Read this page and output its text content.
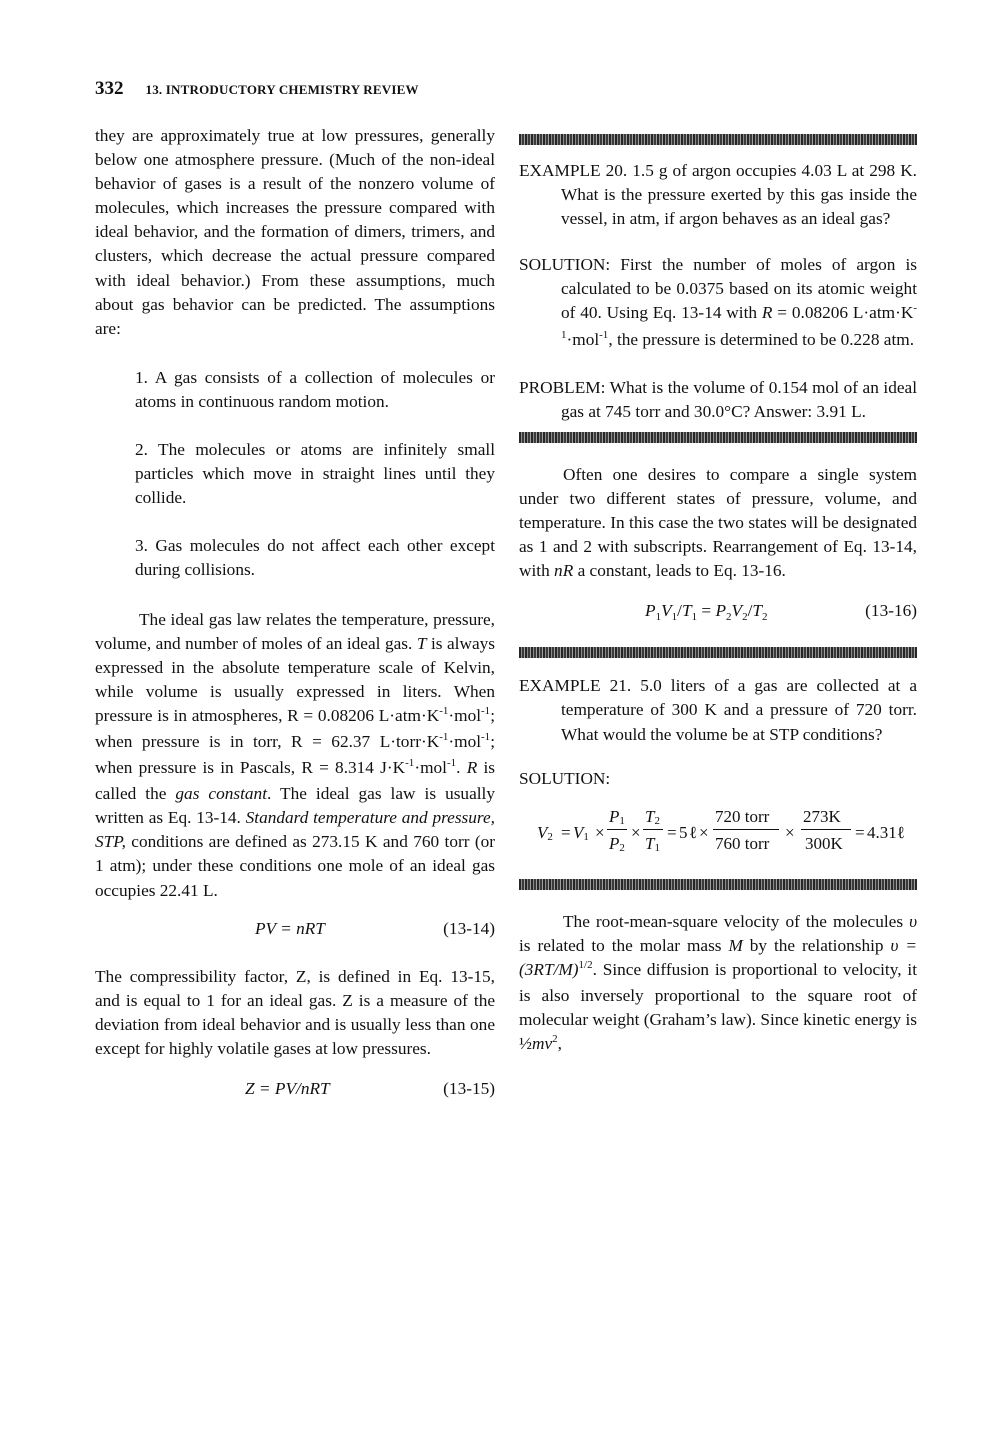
332 13. INTRODUCTORY CHEMISTRY REVIEW

they are approximately true at low pressures, generally below one atmosphere pressure. (Much of the non-ideal behavior of gases is a result of the nonzero volume of molecules, which increases the pressure compared with ideal behavior, and the formation of dimers, trimers, and clusters, which decrease the actual pressure compared with ideal behavior.) From these assumptions, much about gas behavior can be predicted. The assumptions are:

1. A gas consists of a collection of molecules or atoms in continuous random motion.

2. The molecules or atoms are infinitely small particles which move in straight lines until they collide.

3. Gas molecules do not affect each other except during collisions.

The ideal gas law relates the temperature, pressure, volume, and number of moles of an ideal gas. T is always expressed in the absolute temperature scale of Kelvin, while volume is usually expressed in liters. When pressure is in atmospheres, R = 0.08206 $L\cdot atm\cdot K^{-1}\cdot mol^{-1}$; when pressure is in torr, R = 62.37 $L\cdot torr\cdot K^{-1}\cdot mol^{-1}$; when pressure is in Pascals, R = 8.314 $J\cdot K^{-1}\cdot mol^{-1}$. R is called the gas constant. The ideal gas law is usually written as Eq. 13-14. Standard temperature and pressure, STP, conditions are defined as 273.15 K and 760 torr (or 1 atm); under these conditions one mole of an ideal gas occupies 22.41 L.

PV = nRT	(13-14)

The compressibility factor, Z, is defined in Eq. 13-15, and is equal to 1 for an ideal gas. Z is a measure of the deviation from ideal behavior and is usually less than one except for highly volatile gases at low pressures.

Z = PV/nRT	(13-15)
EXAMPLE 20. 1.5 g of argon occupies 4.03 L at 298 K. What is the pressure exerted by this gas inside the vessel, in atm, if argon behaves as an ideal gas?
SOLUTION: First the number of moles of argon is calculated to be 0.0375 based on its atomic weight of 40. Using Eq. 13-14 with R = 0.08206 $L\cdot atm\cdot K^{-1}\cdot mol^{-1}$, the pressure is determined to be 0.228 atm.
PROBLEM: What is the volume of 0.154 mol of an ideal gas at 745 torr and 30.0°C? Answer: 3.91 L.

Often one desires to compare a single system under two different states of pressure, volume, and temperature. In this case the two states will be designated as 1 and 2 with subscripts. Rearrangement of Eq. 13-14, with nR a constant, leads to Eq. 13-16.

$P_1V_1/T_1 = P_2V_2/T_2$	(13-16)
EXAMPLE 21. 5.0 liters of a gas are collected at a temperature of 300 K and a pressure of 720 torr. What would the volume be at STP conditions?
SOLUTION:
V 2 = V 1 ×
P 1
P 2
×
T 2
T 1
= 5 ℓ ×
720 torr
760 torr
×
273K
300K
= 4.31ℓ

The root-mean-square velocity of the molecules υ is related to the molar mass M by the relationship $\upsilon = (3RT/M)^{1/2}$. Since diffusion is proportional to velocity, it is also inversely proportional to the square root of molecular weight (Graham’s law). Since kinetic energy is $\frac{1}{2}mv^2$,
